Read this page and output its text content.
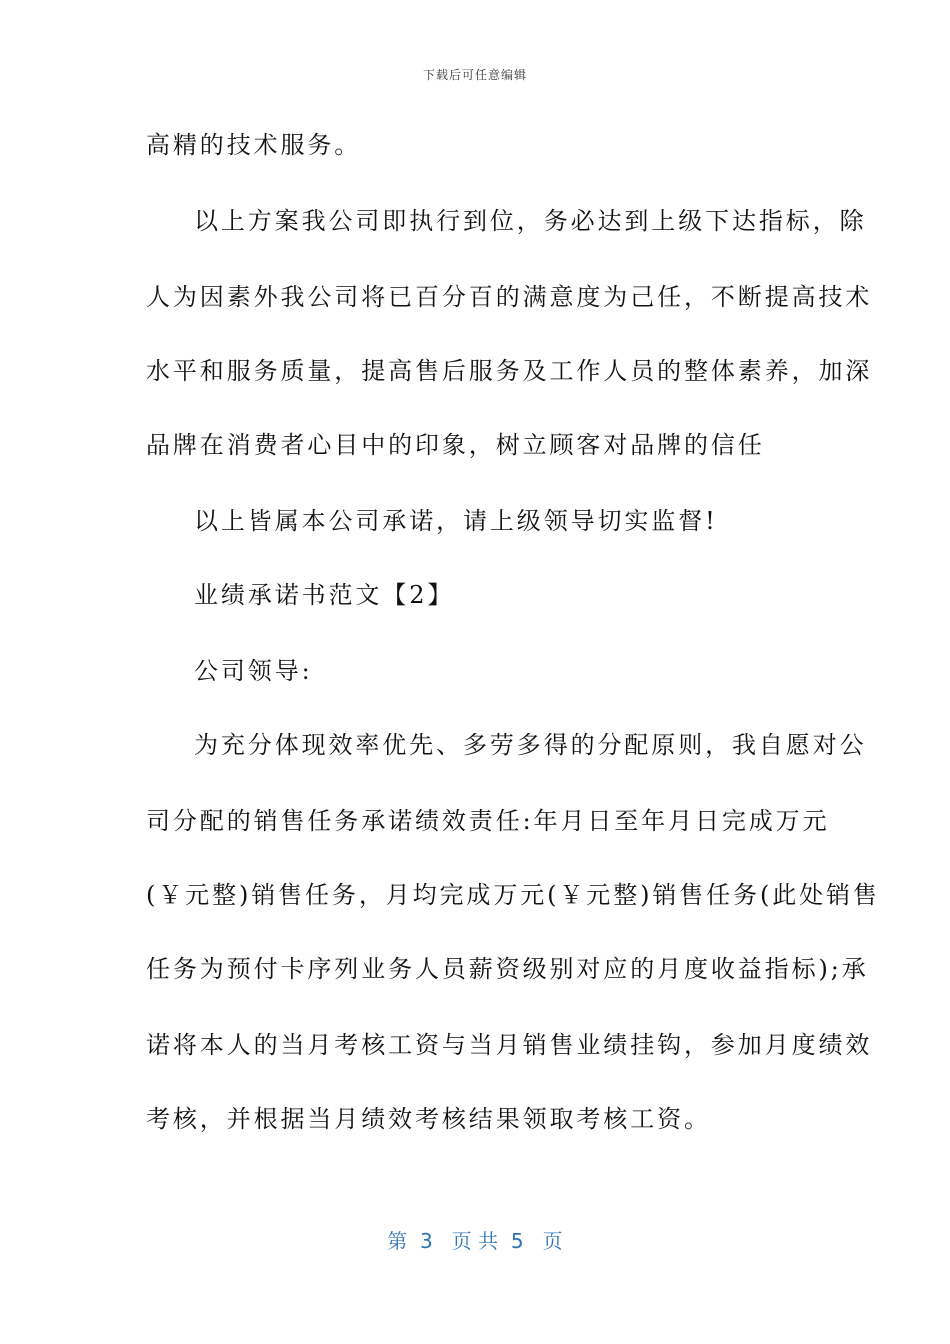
下载后可任意编辑
高精的技术服务。
以上方案我公司即执行到位，务必达到上级下达指标，除
人为因素外我公司将已百分百的满意度为己任，不断提高技术
水平和服务质量，提高售后服务及工作人员的整体素养，加深
品牌在消费者心目中的印象，树立顾客对品牌的信任
以上皆属本公司承诺，请上级领导切实监督!
业绩承诺书范文【2】
公司领导:
为充分体现效率优先、多劳多得的分配原则，我自愿对公
司分配的销售任务承诺绩效责任:年月日至年月日完成万元
(￥元整)销售任务，月均完成万元(￥元整)销售任务(此处销售
任务为预付卡序列业务人员薪资级别对应的月度收益指标);承
诺将本人的当月考核工资与当月销售业绩挂钩，参加月度绩效
考核，并根据当月绩效考核结果领取考核工资。
第  3   页 共  5   页
